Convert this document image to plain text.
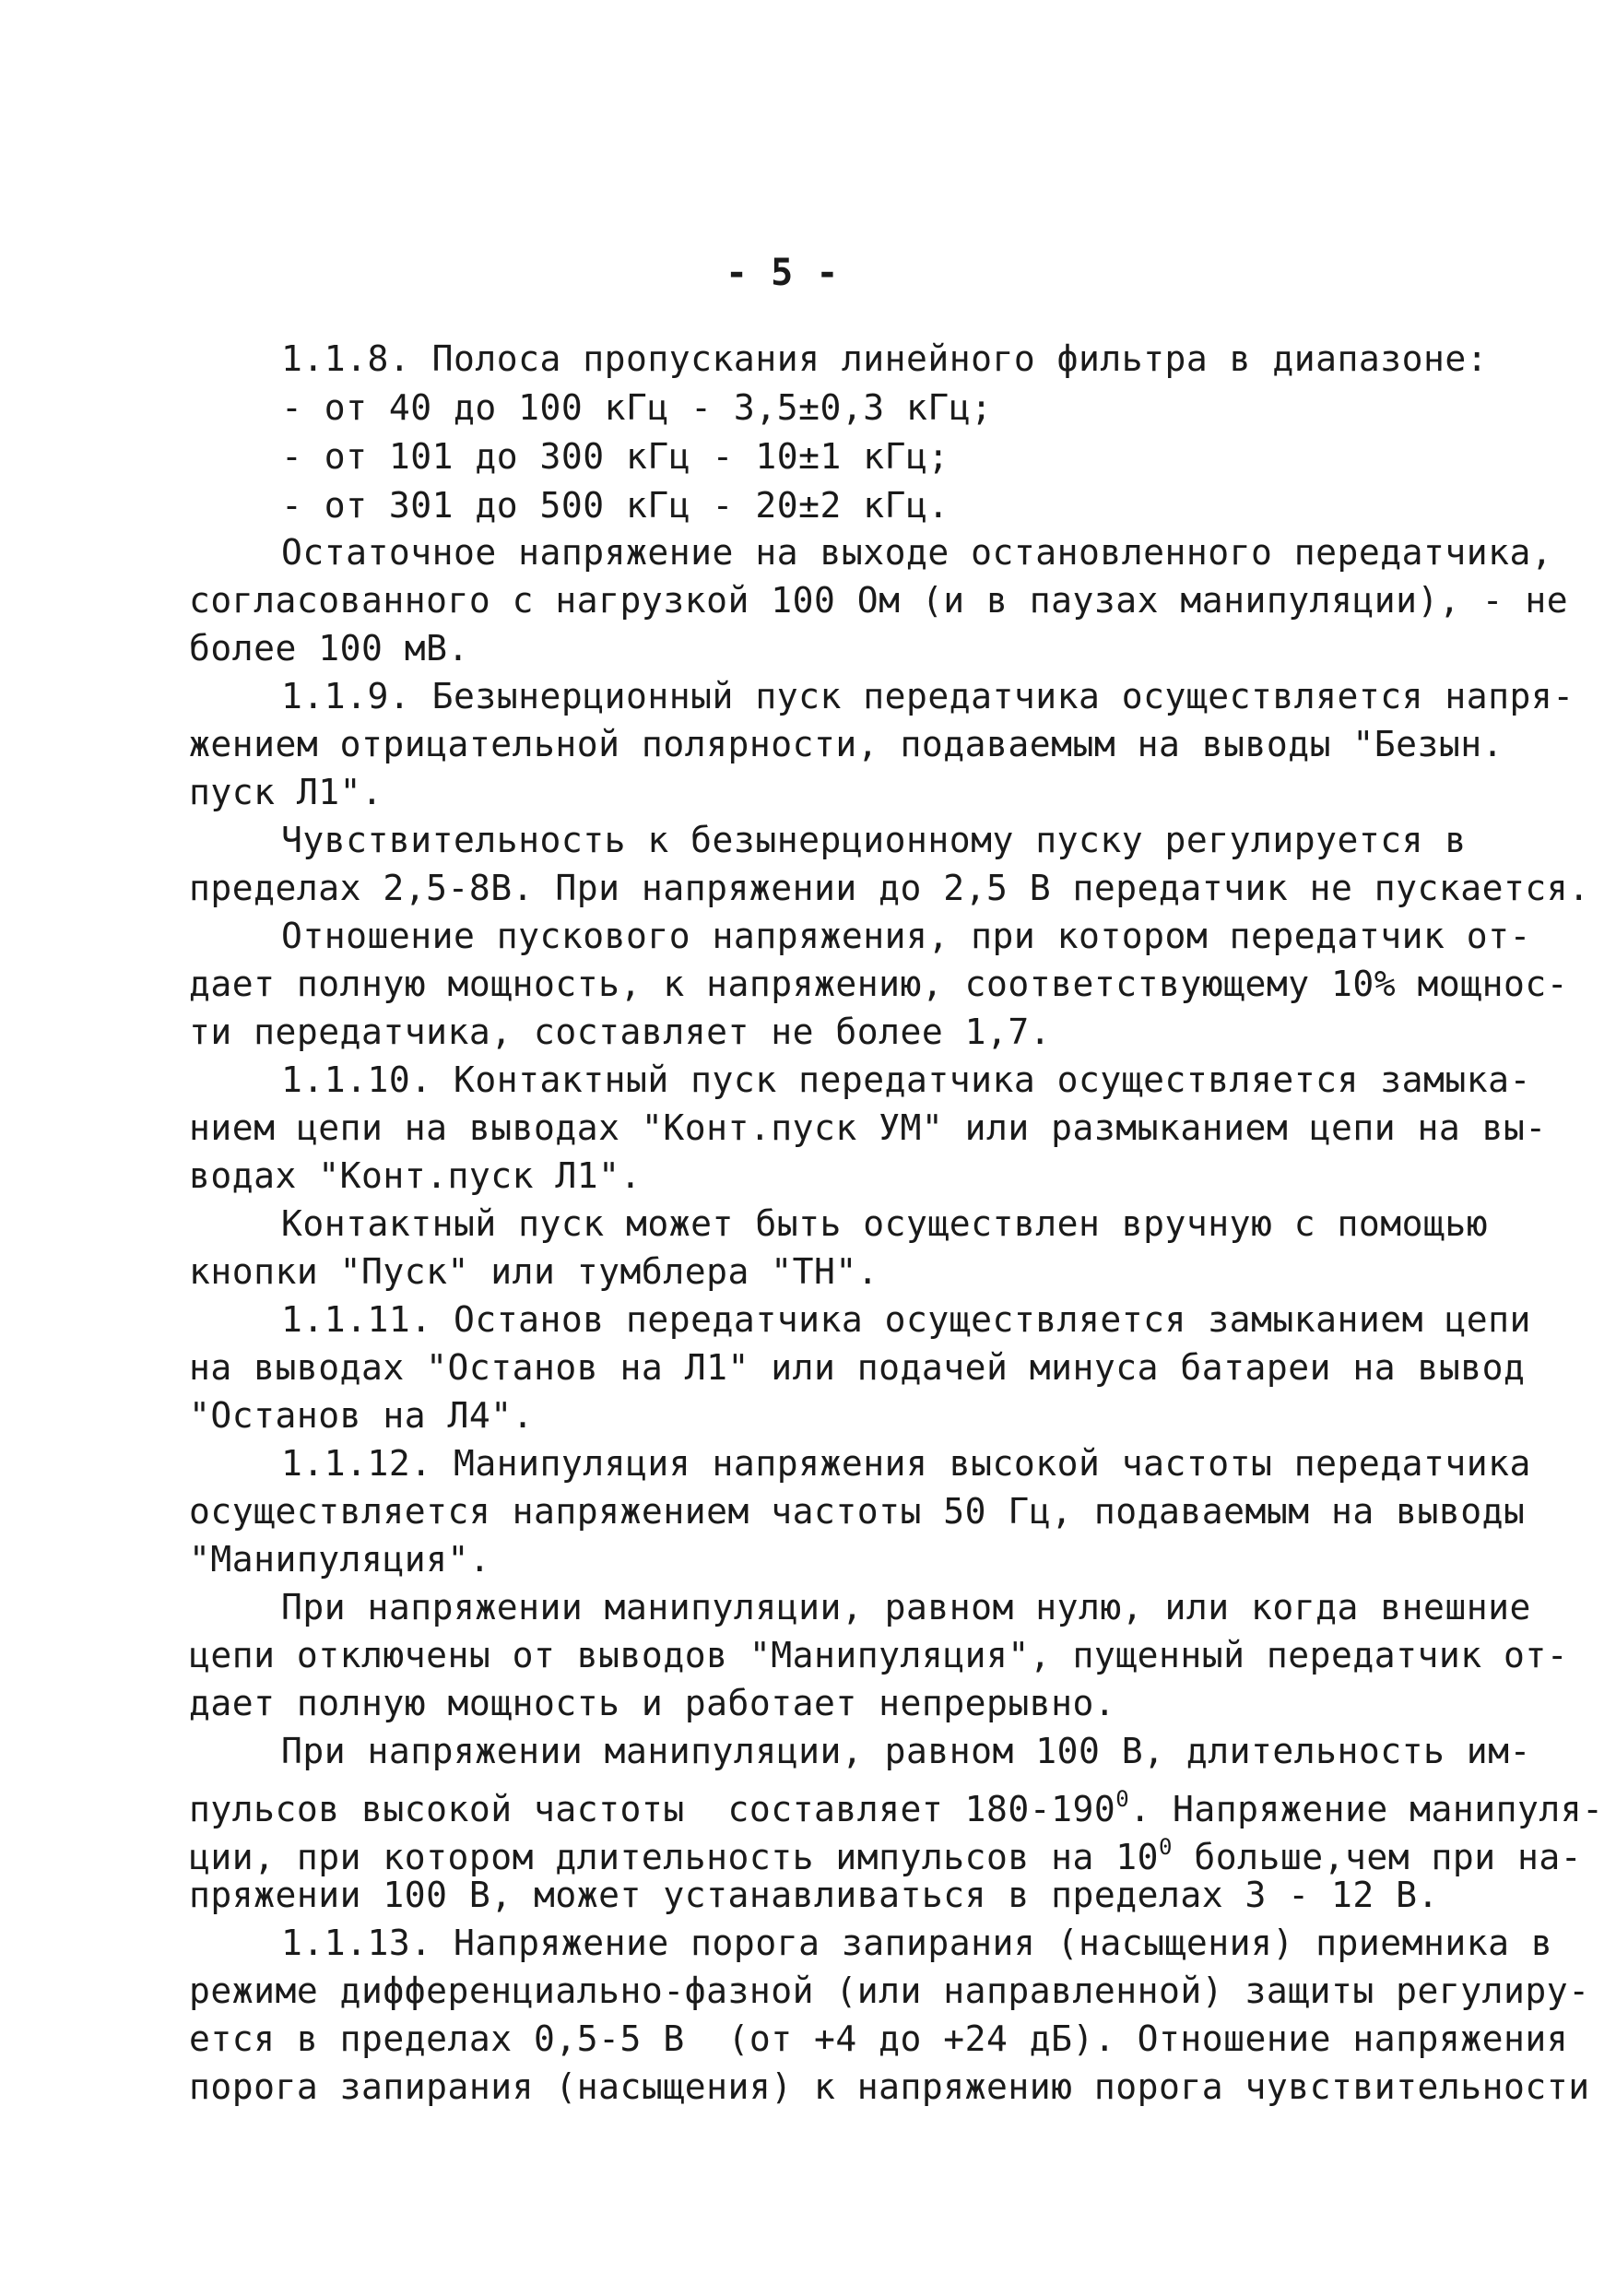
- 5 -
1.1.8. Полоса пропускания линейного фильтра в диапазоне:
- от 40 до 100 кГц - 3,5±0,3 кГц;
- от 101 до 300 кГц - 10±1 кГц;
- от 301 до 500 кГц - 20±2 кГц.
Остаточное напряжение на выходе остановленного передатчика,
согласованного с нагрузкой 100 Ом (и в паузах манипуляции), - не
более 100 мВ.
1.1.9. Безынерционный пуск передатчика осуществляется напря-
жением отрицательной полярности, подаваемым на выводы "Безын.
пуск Л1".
Чувствительность к безынерционному пуску регулируется в
пределах 2,5-8В. При напряжении до 2,5 В передатчик не пускается.
Отношение пускового напряжения, при котором передатчик от-
дает полную мощность, к напряжению, соответствующему 10% мощнос-
ти передатчика, составляет не более 1,7.
1.1.10. Контактный пуск передатчика осуществляется замыка-
нием цепи на выводах "Конт.пуск УМ" или размыканием цепи на вы-
водах "Конт.пуск Л1".
Контактный пуск может быть осуществлен вручную с помощью
кнопки "Пуск" или тумблера "ТН".
1.1.11. Останов передатчика осуществляется замыканием цепи
на выводах "Останов на Л1" или подачей минуса батареи на вывод
"Останов на Л4".
1.1.12. Манипуляция напряжения высокой частоты передатчика
осуществляется напряжением частоты 50 Гц, подаваемым на выводы
"Манипуляция".
При напряжении манипуляции, равном нулю, или когда внешние
цепи отключены от выводов "Манипуляция", пущенный передатчик от-
дает полную мощность и работает непрерывно.
При напряжении манипуляции, равном 100 В, длительность им-
пульсов высокой частоты  составляет $180-190^0$. Напряжение манипуля-
ции, при котором длительность импульсов на $10^0$ больше,чем при на-
пряжении 100 В, может устанавливаться в пределах 3 - 12 В.
1.1.13. Напряжение порога запирания (насыщения) приемника в
режиме дифференциально-фазной (или направленной) защиты регулиру-
ется в пределах 0,5-5 В  (от +4 до +24 дБ). Отношение напряжения
порога запирания (насыщения) к напряжению порога чувствительности
